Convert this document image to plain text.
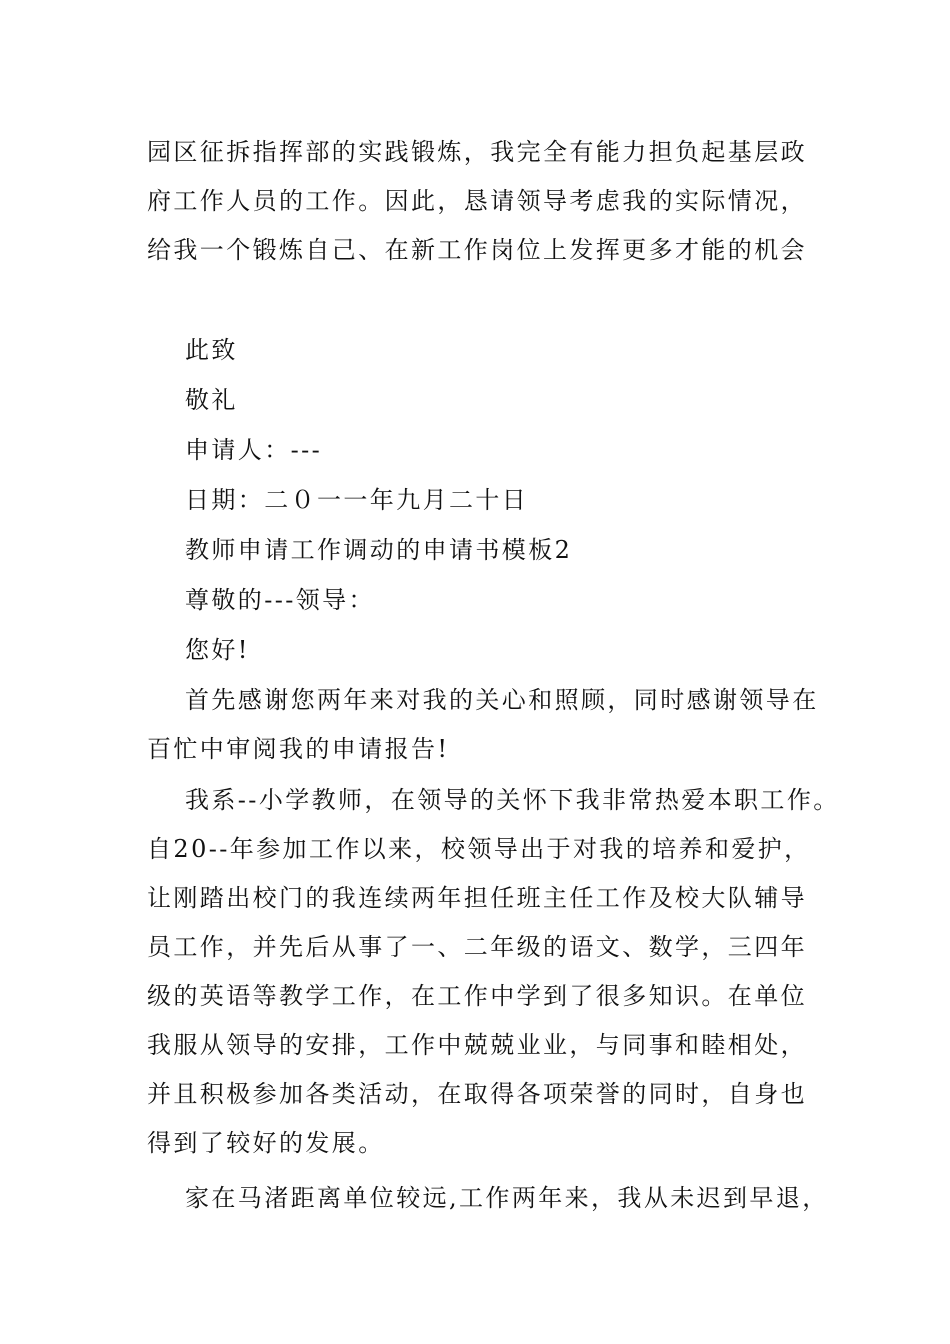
园区征拆指挥部的实践锻炼，我完全有能力担负起基层政
府工作人员的工作。因此，恳请领导考虑我的实际情况，
给我一个锻炼自己、在新工作岗位上发挥更多才能的机会
此致
敬礼
申请人：---
日期：二０一一年九月二十日
教师申请工作调动的申请书模板2
尊敬的---领导：
您好!
首先感谢您两年来对我的关心和照顾，同时感谢领导在
百忙中审阅我的申请报告!
我系--小学教师，在领导的关怀下我非常热爱本职工作。
自20--年参加工作以来，校领导出于对我的培养和爱护，
让刚踏出校门的我连续两年担任班主任工作及校大队辅导
员工作，并先后从事了一、二年级的语文、数学，三四年
级的英语等教学工作，在工作中学到了很多知识。在单位
我服从领导的安排，工作中兢兢业业，与同事和睦相处，
并且积极参加各类活动，在取得各项荣誉的同时，自身也
得到了较好的发展。
家在马渚距离单位较远,工作两年来，我从未迟到早退，
